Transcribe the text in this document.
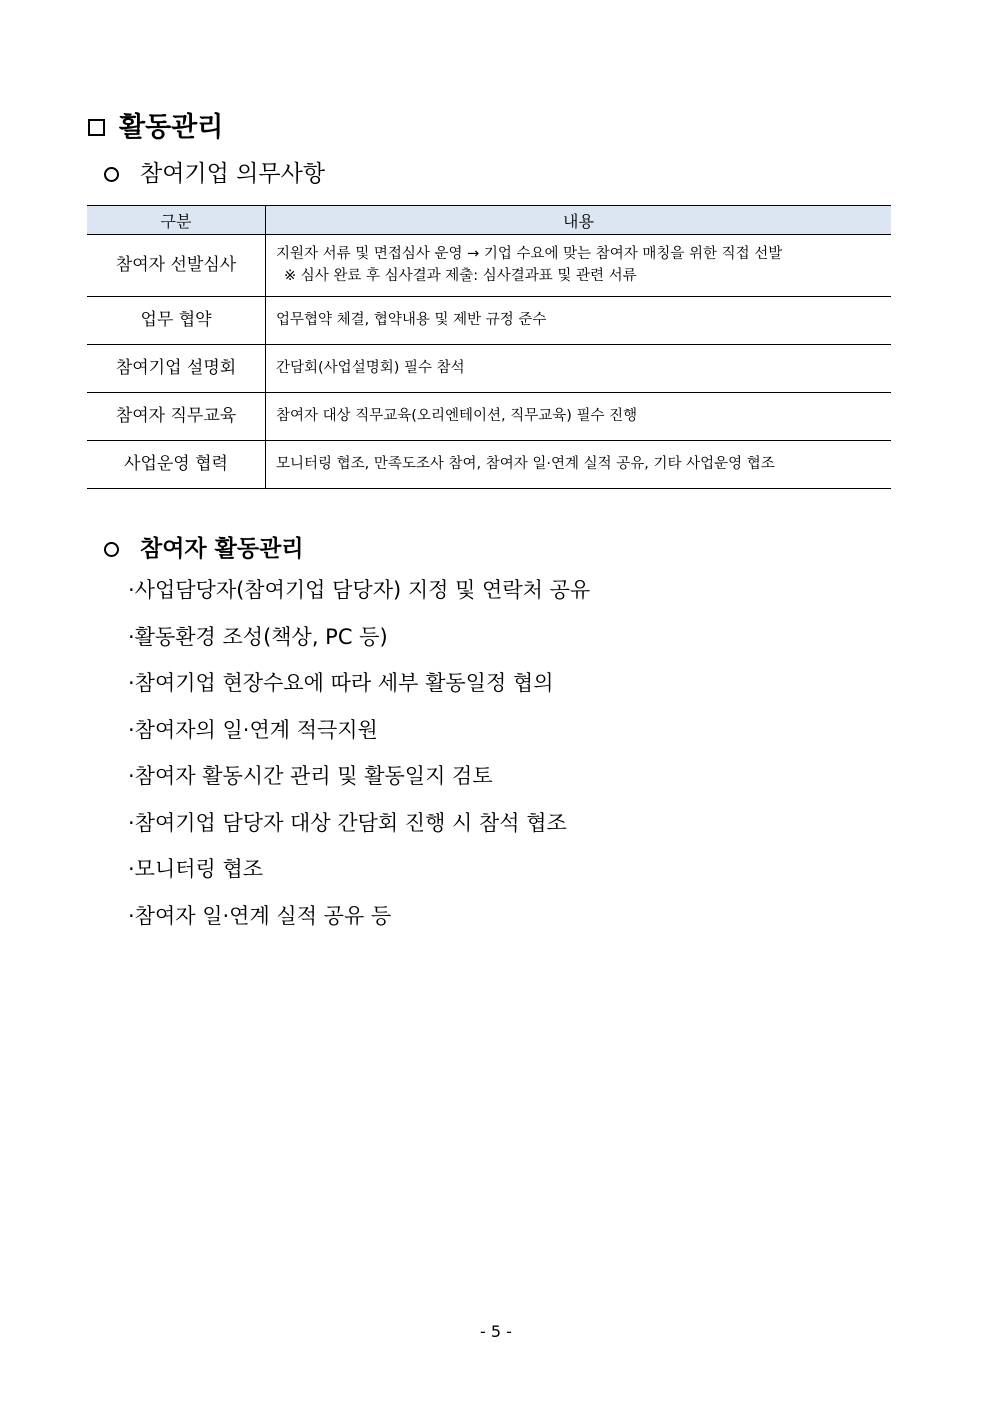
활동관리
참여기업 의무사항
구분	내용
참여자 선발심사	지원자 서류 및 면접심사 운영 → 기업 수요에 맞는 참여자 매칭을 위한 직접 선발
※ 심사 완료 후 심사결과 제출: 심사결과표 및 관련 서류

업무 협약	업무협약 체결, 협약내용 및 제반 규정 준수
참여기업 설명회	간담회(사업설명회) 필수 참석
참여자 직무교육	참여자 대상 직무교육(오리엔테이션, 직무교육) 필수 진행
사업운영 협력	모니터링 협조, 만족도조사 참여, 참여자 일·연계 실적 공유, 기타 사업운영 협조
참여자 활동관리
·사업담당자(참여기업 담당자) 지정 및 연락처 공유
·활동환경 조성(책상, PC 등)
·참여기업 현장수요에 따라 세부 활동일정 협의
·참여자의 일·연계 적극지원
·참여자 활동시간 관리 및 활동일지 검토
·참여기업 담당자 대상 간담회 진행 시 참석 협조
·모니터링 협조
·참여자 일·연계 실적 공유 등
- 5 -
